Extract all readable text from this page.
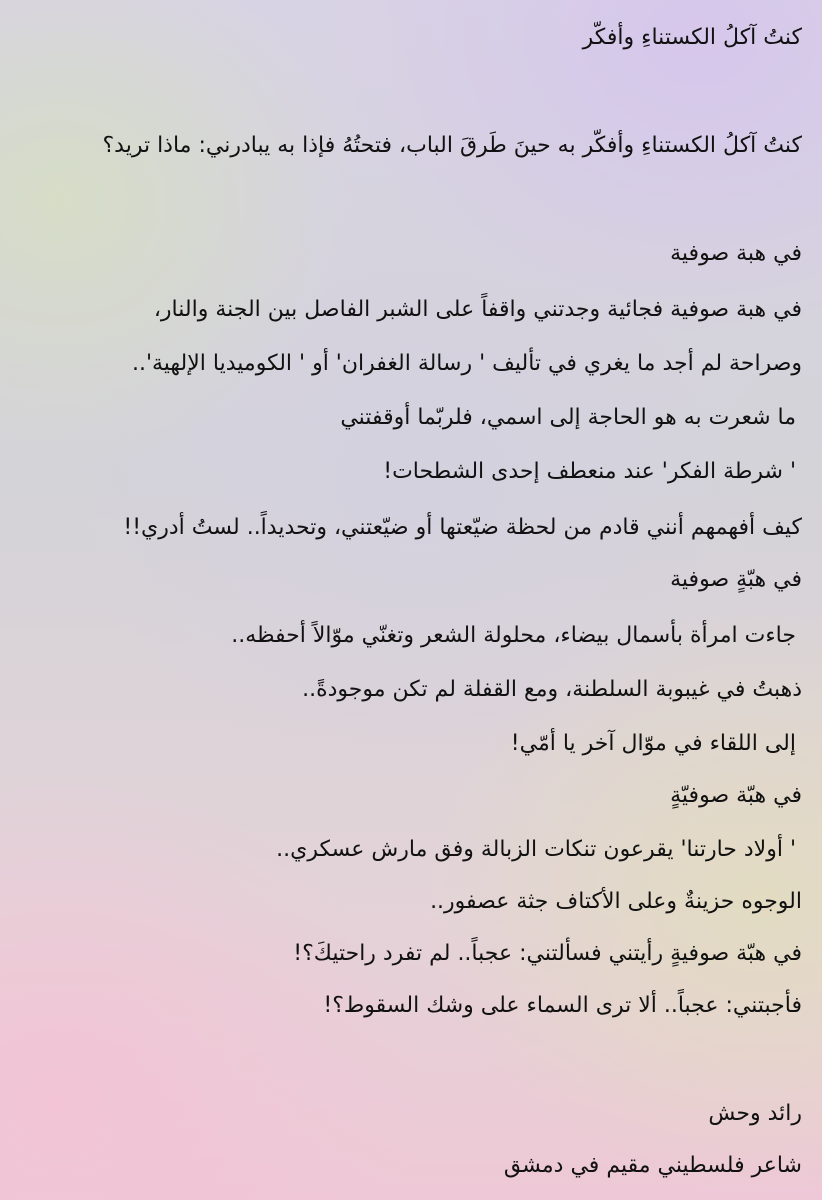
كنتُ آكلُ الكستناءِ وأفكّر
كنتُ آكلُ الكستناءِ وأفكّر به حينَ طَرقَ الباب، فتحتُهُ فإذا به يبادرني: ماذا تريد؟
في هبة صوفية
في هبة صوفية فجائية وجدتني واقفاً على الشبر الفاصل بين الجنة والنار،
وصراحة لم أجد ما يغري في تأليف ' رسالة الغفران' أو ' الكوميديا الإلهية'..
ما شعرت به هو الحاجة إلى اسمي، فلربّما أوقفتني
' شرطة الفكر' عند منعطف إحدى الشطحات!
كيف أفهمهم أنني قادم من لحظة ضيّعتها أو ضيّعتني، وتحديداً.. لستُ أدري!!
في هبّةٍ صوفية
جاءت امرأة بأسمال بيضاء، محلولة الشعر وتغنّي موّالاً أحفظه..
ذهبتُ في غيبوبة السلطنة، ومع القفلة لم تكن موجودةً..
إلى اللقاء في موّال آخر يا أمّي!
في هبّة صوفيّةٍ
' أولاد حارتنا' يقرعون تنكات الزبالة وفق مارش عسكري..
الوجوه حزينةٌ وعلى الأكتاف جثة عصفور..
في هبّة صوفيةٍ رأيتني فسألتني: عجباً.. لم تفرد راحتيكَ؟!
فأجبتني: عجباً.. ألا ترى السماء على وشك السقوط؟!
رائد وحش
شاعر فلسطيني مقيم في دمشق
